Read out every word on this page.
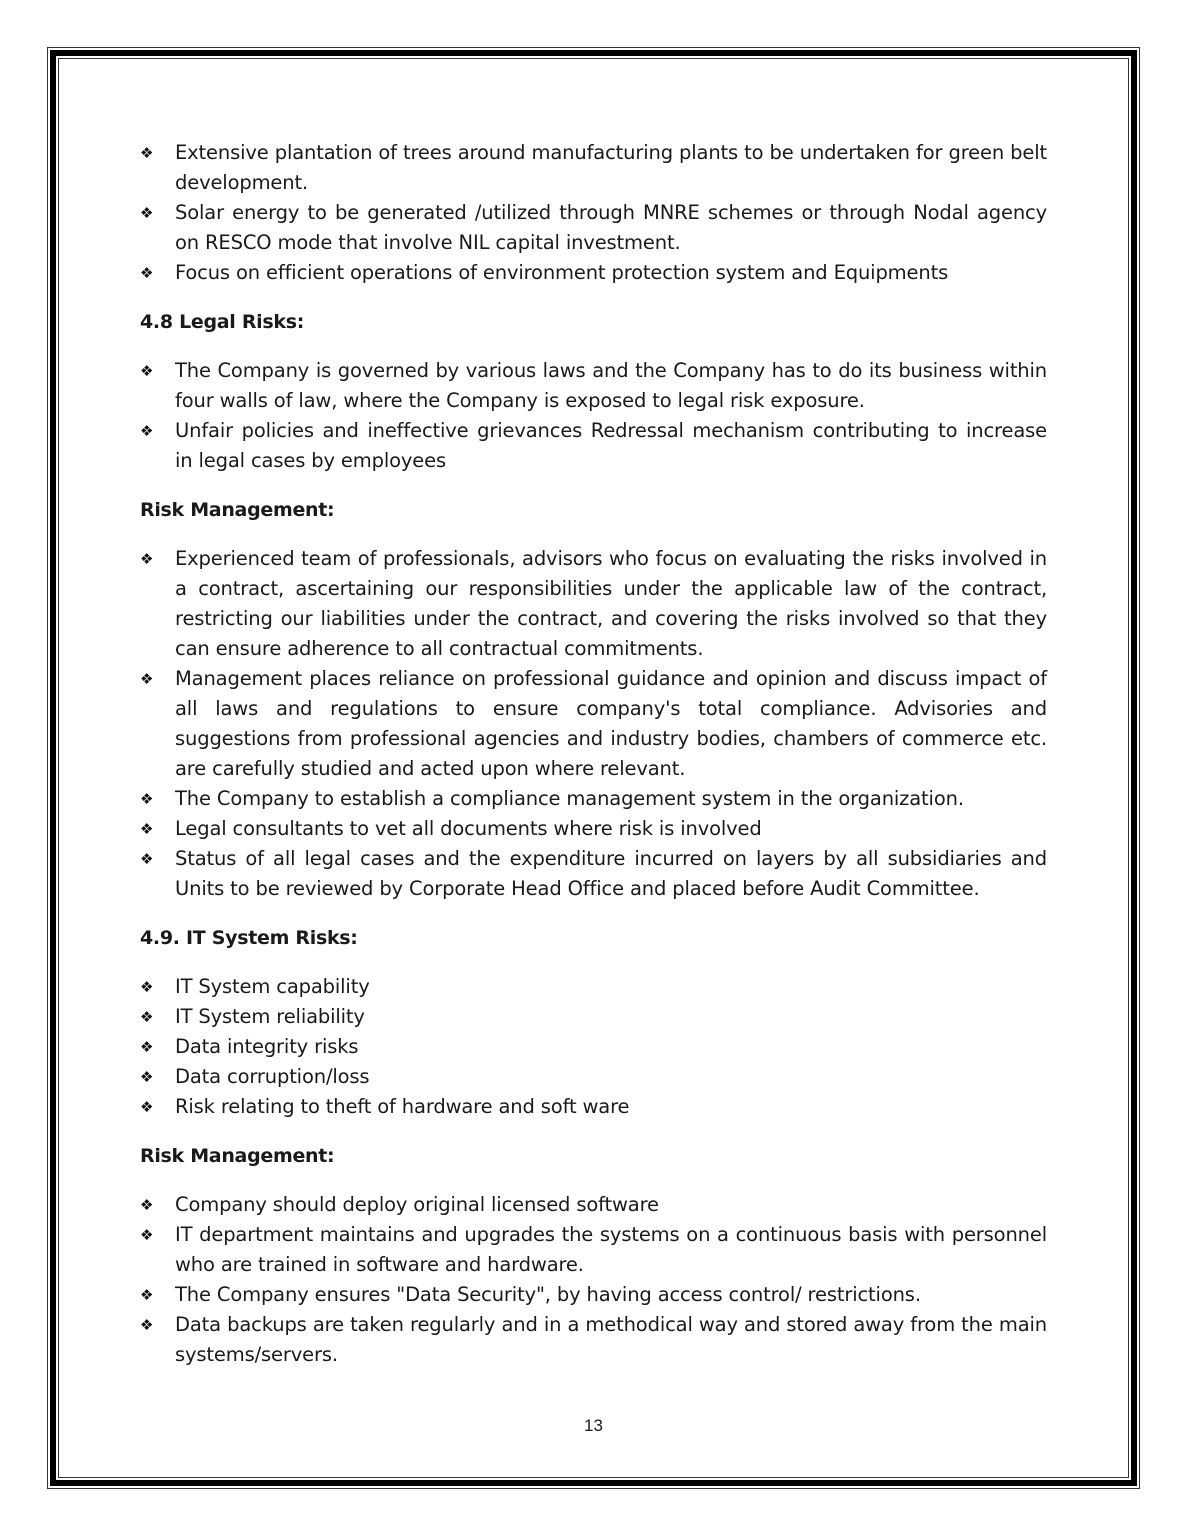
❖ Extensive plantation of trees around manufacturing plants to be undertaken for green belt development.
❖ Solar energy to be generated /utilized through MNRE schemes or through Nodal agency on RESCO mode that involve NIL capital investment.
❖ Focus on efficient operations of environment protection system and Equipments
4.8 Legal Risks:
❖ The Company is governed by various laws and the Company has to do its business within four walls of law, where the Company is exposed to legal risk exposure.
❖ Unfair policies and ineffective grievances Redressal mechanism contributing to increase in legal cases by employees
Risk Management:
❖ Experienced team of professionals, advisors who focus on evaluating the risks involved in a contract, ascertaining our responsibilities under the applicable law of the contract, restricting our liabilities under the contract, and covering the risks involved so that they can ensure adherence to all contractual commitments.
❖ Management places reliance on professional guidance and opinion and discuss impact of all laws and regulations to ensure company's total compliance. Advisories and suggestions from professional agencies and industry bodies, chambers of commerce etc. are carefully studied and acted upon where relevant.
❖ The Company to establish a compliance management system in the organization.
❖ Legal consultants to vet all documents where risk is involved
❖ Status of all legal cases and the expenditure incurred on layers by all subsidiaries and Units to be reviewed by Corporate Head Office and placed before Audit Committee.
4.9. IT System Risks:
❖ IT System capability
❖ IT System reliability
❖ Data integrity risks
❖ Data corruption/loss
❖ Risk relating to theft of hardware and soft ware
Risk Management:
❖ Company should deploy original licensed software
❖ IT department maintains and upgrades the systems on a continuous basis with personnel who are trained in software and hardware.
❖ The Company ensures "Data Security", by having access control/ restrictions.
❖ Data backups are taken regularly and in a methodical way and stored away from the main systems/servers.
13
